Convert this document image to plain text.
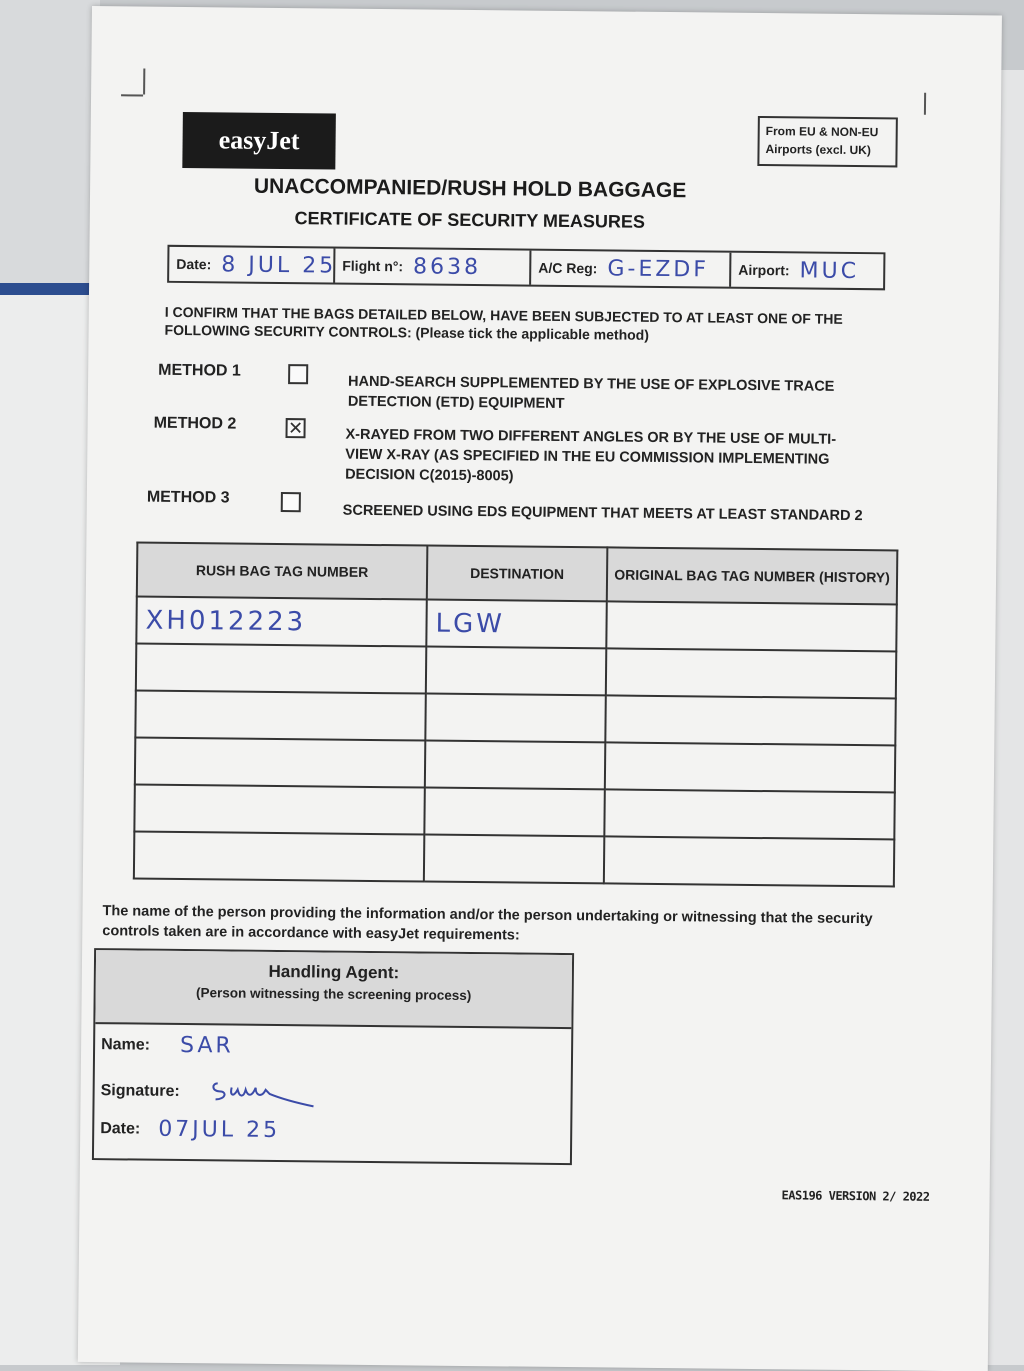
easyJet	From EU & NON-EU
Airports (excl. UK)
UNACCOMPANIED/RUSH HOLD BAGGAGE
CERTIFICATE OF SECURITY MEASURES
Date: 8 JUL 25 Flight n°: 8638	A/C Reg: G-EZDF Airport: MUC
I CONFIRM THAT THE BAGS DETAILED BELOW, HAVE BEEN SUBJECTED TO AT LEAST ONE OF THE FOLLOWING SECURITY CONTROLS: (Please tick the applicable method)
METHOD 1
HAND-SEARCH SUPPLEMENTED BY THE USE OF EXPLOSIVE TRACE DETECTION (ETD) EQUIPMENT
METHOD 2	✕	X-RAYED FROM TWO DIFFERENT ANGLES OR BY THE USE OF MULTI-VIEW X-RAY (AS SPECIFIED IN THE EU COMMISSION IMPLEMENTING DECISION C(2015)-8005)
METHOD 3
SCREENED USING EDS EQUIPMENT THAT MEETS AT LEAST STANDARD 2
RUSH BAG TAG NUMBER	DESTINATION	ORIGINAL BAG TAG NUMBER (HISTORY)
XH012223	LGW	

The name of the person providing the information and/or the person undertaking or witnessing that the security controls taken are in accordance with easyJet requirements:
Handling Agent:
(Person witnessing the screening process)
Name: SAR
Signature:
Date: 07JUL 25
EAS196 VERSION 2/ 2022
